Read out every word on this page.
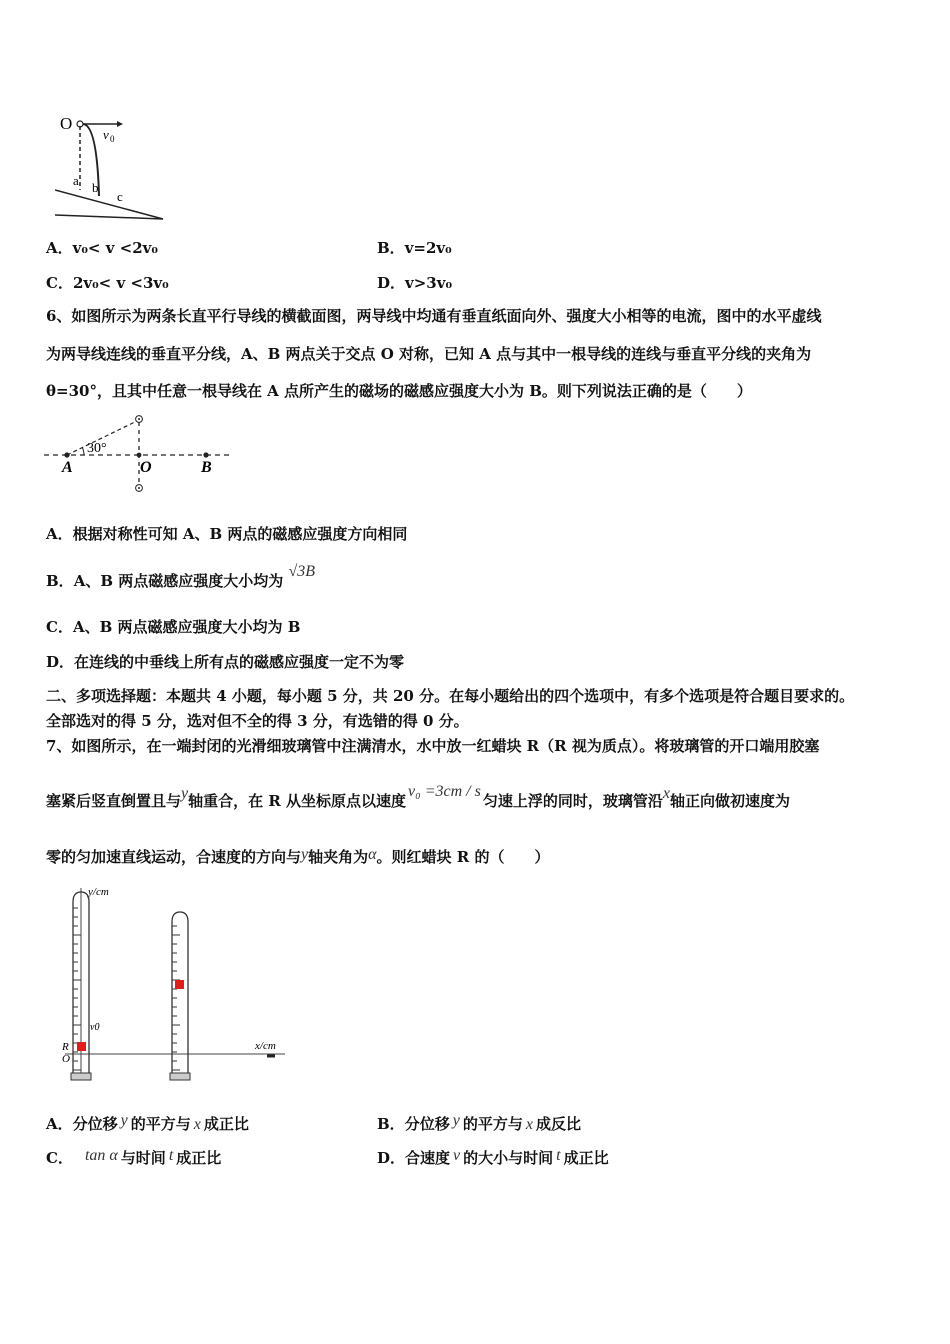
O
v 0
a b
c
A．v₀< v <2v₀	B．v=2v₀
C．2v₀< v <3v₀	D．v>3v₀
6、如图所示为两条长直平行导线的横截面图，两导线中均通有垂直纸面向外、强度大小相等的电流，图中的水平虚线
为两导线连线的垂直平分线，A、B 两点关于交点 O 对称，已知 A 点与其中一根导线的连线与垂直平分线的夹角为
θ=30°，且其中任意一根导线在 A 点所产生的磁场的磁感应强度大小为 B。则下列说法正确的是（　　）
30°
A	O	B
A．根据对称性可知 A、B 两点的磁感应强度方向相同
B．A、B 两点磁感应强度大小均为 √3B
C．A、B 两点磁感应强度大小均为 B
D．在连线的中垂线上所有点的磁感应强度一定不为零
二、多项选择题：本题共 4 小题，每小题 5 分，共 20 分。在每小题给出的四个选项中，有多个选项是符合题目要求的。
全部选对的得 5 分，选对但不全的得 3 分，有选错的得 0 分。
7、如图所示，在一端封闭的光滑细玻璃管中注满清水，水中放一红蜡块 R（R 视为质点）。将玻璃管的开口端用胶塞
塞紧后竖直倒置且与y轴重合，在 R 从坐标原点以速度v₀ =3cm / s匀速上浮的同时，玻璃管沿x轴正向做初速度为
零的匀加速直线运动，合速度的方向与y轴夹角为α。则红蜡块 R 的（　　）
y/cm
x/cm
v0
R
O
A．分位移 y 的平方与 x 成正比	B．分位移 y 的平方与 x 成反比
C． tan α 与时间 t 成正比	D．合速度 v 的大小与时间 t 成正比
